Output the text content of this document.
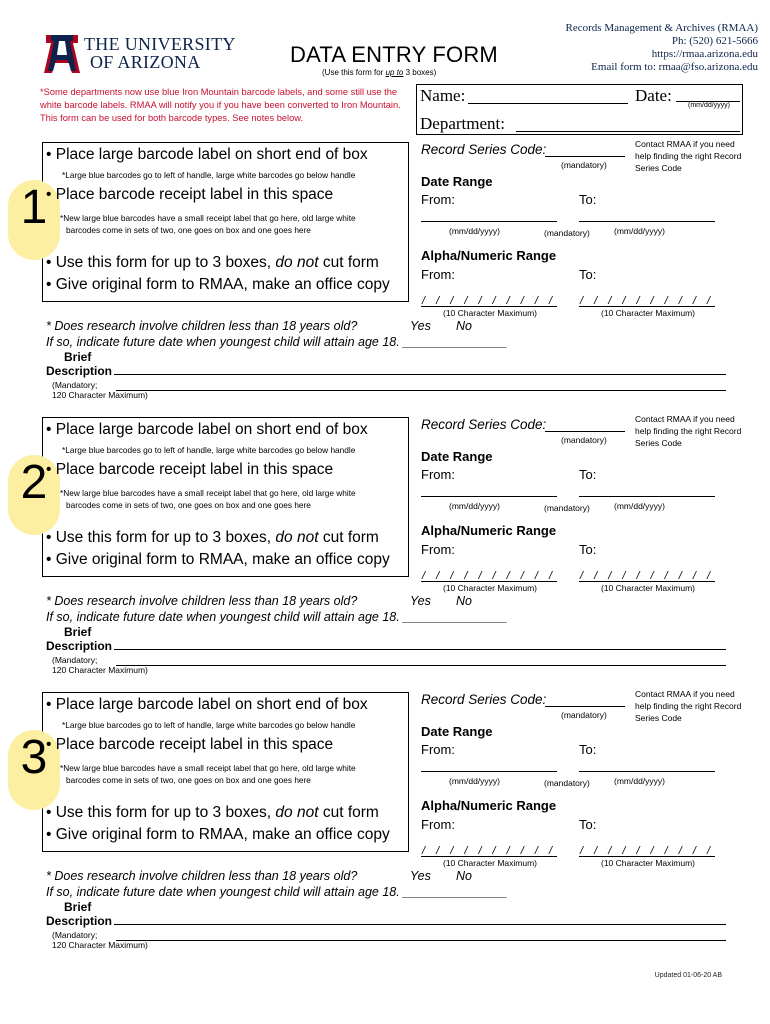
THE UNIVERSITY
OF ARIZONA	DATA ENTRY FORM
(Use this form for up to 3 boxes)
Records Management & Archives (RMAA)
Ph: (520) 621-5666
https://rmaa.arizona.edu
Email form to: rmaa@fso.arizona.edu
*Some departments now use blue Iron Mountain barcode labels, and some still use the white barcode labels. RMAA will notify you if you have been converted to Iron Mountain. This form can be used for both barcode types. See notes below.
Name:	Date:
(mm/dd/yyyy)
Department:
1
• Place large barcode label on short end of box
*Large blue barcodes go to left of handle, large white barcodes go below handle
• Place barcode receipt label in this space
*New large blue barcodes have a small receipt label that go here, old large white
barcodes come in sets of two, one goes on box and one goes here
• Use this form for up to 3 boxes, do not cut form
• Give original form to RMAA, make an office copy
Record Series Code:
(mandatory)
Contact RMAA if you need help finding the right Record Series Code
Date Range
From:	To:
(mm/dd/yyyy)	(mandatory)	(mm/dd/yyyy)
Alpha/Numeric Range
From:	To:
/ / / / / / / / / / / / / / / / / / / /
(10 Character Maximum)	(10 Character Maximum)
* Does research involve children less than 18 years old?	Yes No
If so, indicate future date when youngest child will attain age 18. _______________
Brief
Description
(Mandatory;
120 Character Maximum)
2
• Place large barcode label on short end of box
*Large blue barcodes go to left of handle, large white barcodes go below handle
• Place barcode receipt label in this space
*New large blue barcodes have a small receipt label that go here, old large white
barcodes come in sets of two, one goes on box and one goes here
• Use this form for up to 3 boxes, do not cut form
• Give original form to RMAA, make an office copy
Record Series Code:
(mandatory)
Contact RMAA if you need help finding the right Record Series Code
Date Range
From:	To:
(mm/dd/yyyy)	(mandatory)	(mm/dd/yyyy)
Alpha/Numeric Range
From:	To:
/ / / / / / / / / / / / / / / / / / / /
(10 Character Maximum)	(10 Character Maximum)
* Does research involve children less than 18 years old?	Yes No
If so, indicate future date when youngest child will attain age 18. _______________
Brief
Description
(Mandatory;
120 Character Maximum)
3
• Place large barcode label on short end of box
*Large blue barcodes go to left of handle, large white barcodes go below handle
• Place barcode receipt label in this space
*New large blue barcodes have a small receipt label that go here, old large white
barcodes come in sets of two, one goes on box and one goes here
• Use this form for up to 3 boxes, do not cut form
• Give original form to RMAA, make an office copy
Record Series Code:
(mandatory)
Contact RMAA if you need help finding the right Record Series Code
Date Range
From:	To:
(mm/dd/yyyy)	(mandatory)	(mm/dd/yyyy)
Alpha/Numeric Range
From:	To:
/ / / / / / / / / / / / / / / / / / / /
(10 Character Maximum)	(10 Character Maximum)
* Does research involve children less than 18 years old?	Yes No
If so, indicate future date when youngest child will attain age 18. _______________
Brief
Description
(Mandatory;
120 Character Maximum)
Updated 01-06-20 AB
